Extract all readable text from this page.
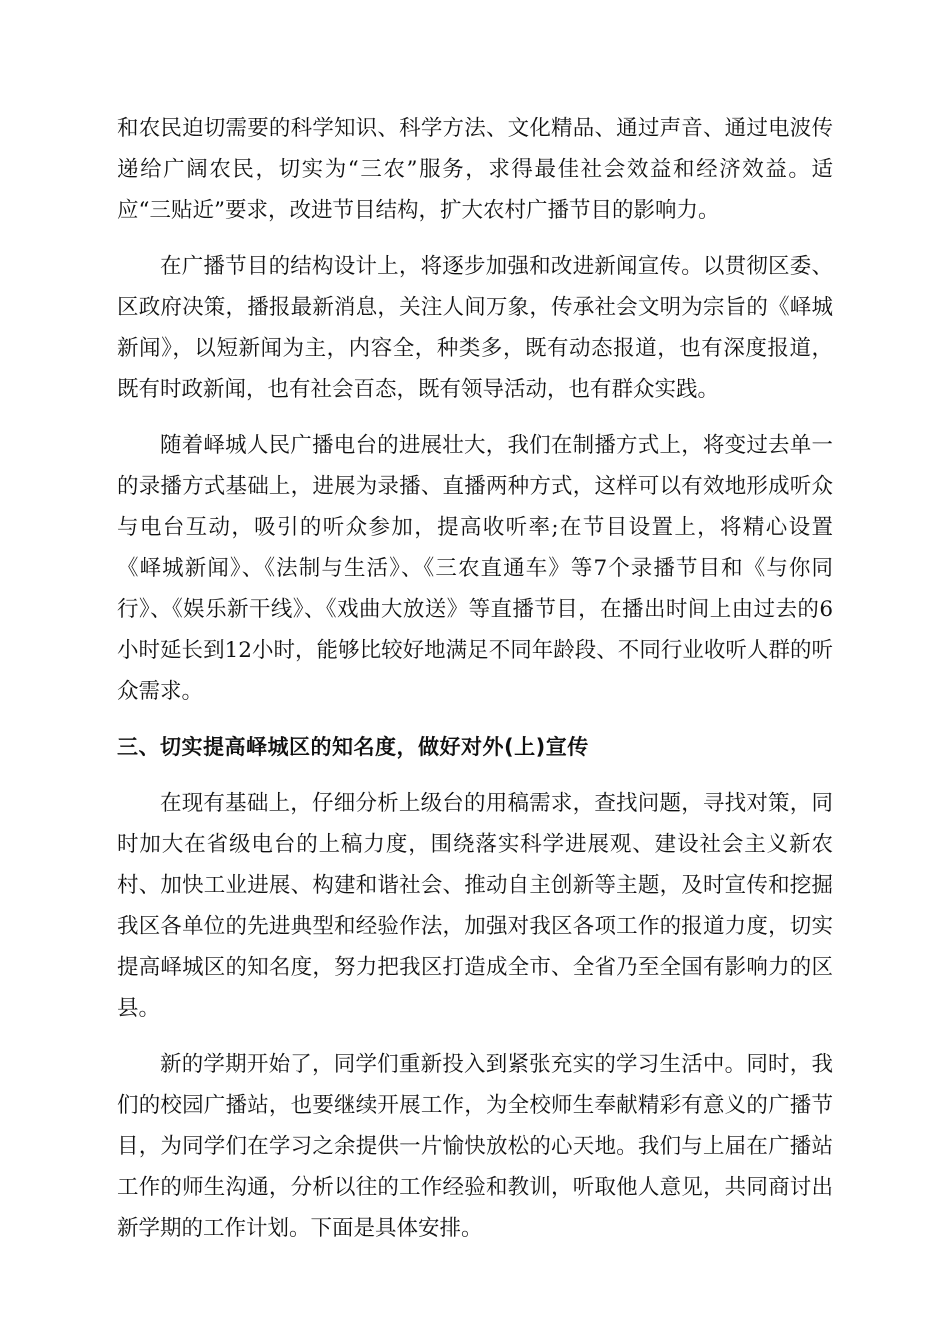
和农民迫切需要的科学知识、科学方法、文化精品、通过声音、通过电波传递给广阔农民，切实为“三农”服务，求得最佳社会效益和经济效益。适应“三贴近”要求，改进节目结构，扩大农村广播节目的影响力。

在广播节目的结构设计上，将逐步加强和改进新闻宣传。以贯彻区委、区政府决策，播报最新消息，关注人间万象，传承社会文明为宗旨的《峄城新闻》，以短新闻为主，内容全，种类多，既有动态报道，也有深度报道，既有时政新闻，也有社会百态，既有领导活动，也有群众实践。

随着峄城人民广播电台的进展壮大，我们在制播方式上，将变过去单一的录播方式基础上，进展为录播、直播两种方式，这样可以有效地形成听众与电台互动，吸引的听众参加，提高收听率;在节目设置上，将精心设置《峄城新闻》、《法制与生活》、《三农直通车》等7个录播节目和《与你同行》、《娱乐新干线》、《戏曲大放送》等直播节目，在播出时间上由过去的6小时延长到12小时，能够比较好地满足不同年龄段、不同行业收听人群的听众需求。

三、切实提高峄城区的知名度，做好对外(上)宣传

在现有基础上，仔细分析上级台的用稿需求，查找问题，寻找对策，同时加大在省级电台的上稿力度，围绕落实科学进展观、建设社会主义新农村、加快工业进展、构建和谐社会、推动自主创新等主题，及时宣传和挖掘我区各单位的先进典型和经验作法，加强对我区各项工作的报道力度，切实提高峄城区的知名度，努力把我区打造成全市、全省乃至全国有影响力的区县。

新的学期开始了，同学们重新投入到紧张充实的学习生活中。同时，我们的校园广播站，也要继续开展工作，为全校师生奉献精彩有意义的广播节目，为同学们在学习之余提供一片愉快放松的心天地。我们与上届在广播站工作的师生沟通，分析以往的工作经验和教训，听取他人意见，共同商讨出新学期的工作计划。下面是具体安排。
